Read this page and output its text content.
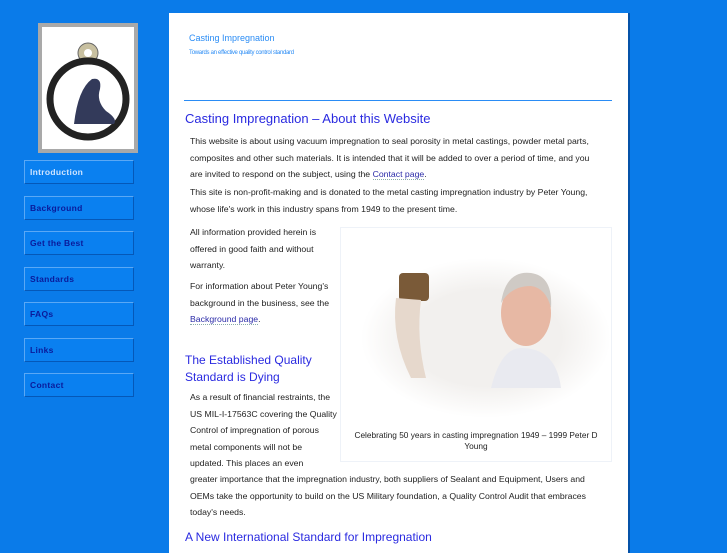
Introduction
Background
Get the Best
Standards
FAQs
Links
Contact
Casting Impregnation
Towards an effective quality control standard
Casting Impregnation – About this Website
This website is about using vacuum impregnation to seal porosity in metal castings, powder metal parts, composites and other such materials. It is intended that it will be added to over a period of time, and you are invited to respond on the subject, using the Contact page.
This site is non-profit-making and is donated to the metal casting impregnation industry by Peter Young, whose life's work in this industry spans from 1949 to the present time.
All information provided herein is offered in good faith and without warranty.
For information about Peter Young's background in the business, see the Background page.
The Established Quality Standard is Dying
As a result of financial restraints, the US MIL-I-17563C covering the Quality Control of impregnation of porous metal components will not be updated. This places an even
greater importance that the impregnation industry, both suppliers of Sealant and Equipment, Users and OEMs take the opportunity to build on the US Military foundation, a Quality Control Audit that embraces today's needs.
Celebrating 50 years in casting impregnation 1949 – 1999 Peter D Young
A New International Standard for Impregnation
